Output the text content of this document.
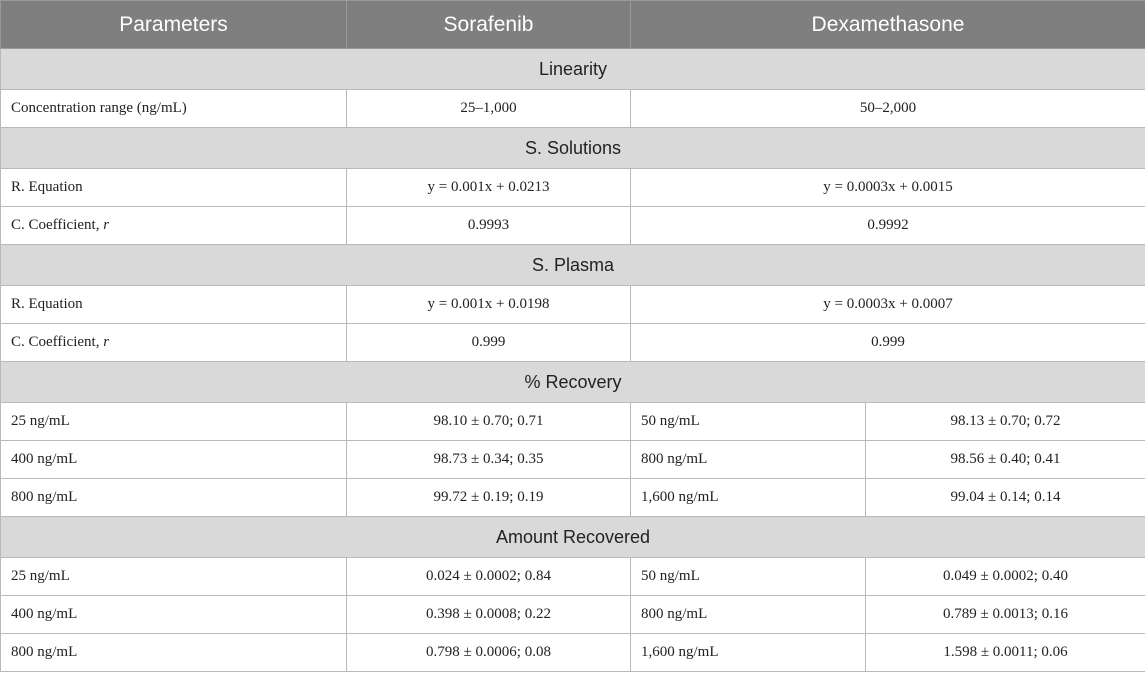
Parameters	Sorafenib	Dexamethasone	
Linearity			
Concentration range (ng/mL)	25–1,000	50–2,000	
S. Solutions			
R. Equation	y = 0.001x + 0.0213	y = 0.0003x + 0.0015	
C. Coefficient, r	0.9993	0.9992	
S. Plasma			
R. Equation	y = 0.001x + 0.0198	y = 0.0003x + 0.0007	
C. Coefficient, r	0.999	0.999	
% Recovery			
25 ng/mL	98.10 ± 0.70; 0.71	50 ng/mL	98.13 ± 0.70; 0.72
400 ng/mL	98.73 ± 0.34; 0.35	800 ng/mL	98.56 ± 0.40; 0.41
800 ng/mL	99.72 ± 0.19; 0.19	1,600 ng/mL	99.04 ± 0.14; 0.14
Amount Recovered			
25 ng/mL	0.024 ± 0.0002; 0.84	50 ng/mL	0.049 ± 0.0002; 0.40
400 ng/mL	0.398 ± 0.0008; 0.22	800 ng/mL	0.789 ± 0.0013; 0.16
800 ng/mL	0.798 ± 0.0006; 0.08	1,600 ng/mL	1.598 ± 0.0011; 0.06
